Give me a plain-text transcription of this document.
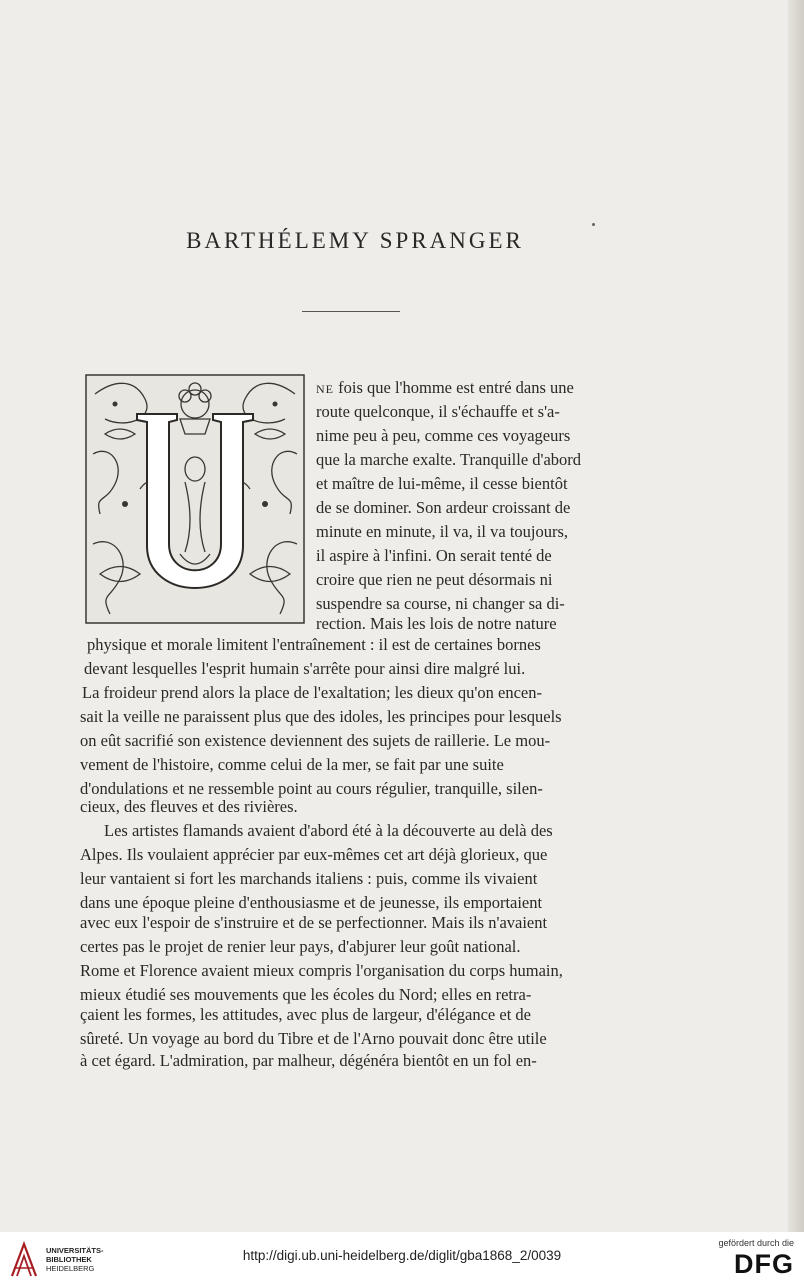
BARTHÉLEMY SPRANGER
ne fois que l'homme est entré dans une
route quelconque, il s'échauffe et s'a-
nime peu à peu, comme ces voyageurs
que la marche exalte. Tranquille d'abord
et maître de lui-même, il cesse bientôt
de se dominer. Son ardeur croissant de
minute en minute, il va, il va toujours,
il aspire à l'infini. On serait tenté de
croire que rien ne peut désormais ni
suspendre sa course, ni changer sa di-
rection. Mais les lois de notre nature
physique et morale limitent l'entraînement : il est de certaines bornes
devant lesquelles l'esprit humain s'arrête pour ainsi dire malgré lui.
La froideur prend alors la place de l'exaltation; les dieux qu'on encen-
sait la veille ne paraissent plus que des idoles, les principes pour lesquels
on eût sacrifié son existence deviennent des sujets de raillerie. Le mou-
vement de l'histoire, comme celui de la mer, se fait par une suite
d'ondulations et ne ressemble point au cours régulier, tranquille, silen-
cieux, des fleuves et des rivières.
Les artistes flamands avaient d'abord été à la découverte au delà des
Alpes. Ils voulaient apprécier par eux-mêmes cet art déjà glorieux, que
leur vantaient si fort les marchands italiens : puis, comme ils vivaient
dans une époque pleine d'enthousiasme et de jeunesse, ils emportaient
avec eux l'espoir de s'instruire et de se perfectionner. Mais ils n'avaient
certes pas le projet de renier leur pays, d'abjurer leur goût national.
Rome et Florence avaient mieux compris l'organisation du corps humain,
mieux étudié ses mouvements que les écoles du Nord; elles en retra-
çaient les formes, les attitudes, avec plus de largeur, d'élégance et de
sûreté. Un voyage au bord du Tibre et de l'Arno pouvait donc être utile
à cet égard. L'admiration, par malheur, dégénéra bientôt en un fol en-
UNIVERSITÄTS-
BIBLIOTHEK
HEIDELBERG
http://digi.ub.uni-heidelberg.de/diglit/gba1868_2/0039
gefördert durch die
DFG
